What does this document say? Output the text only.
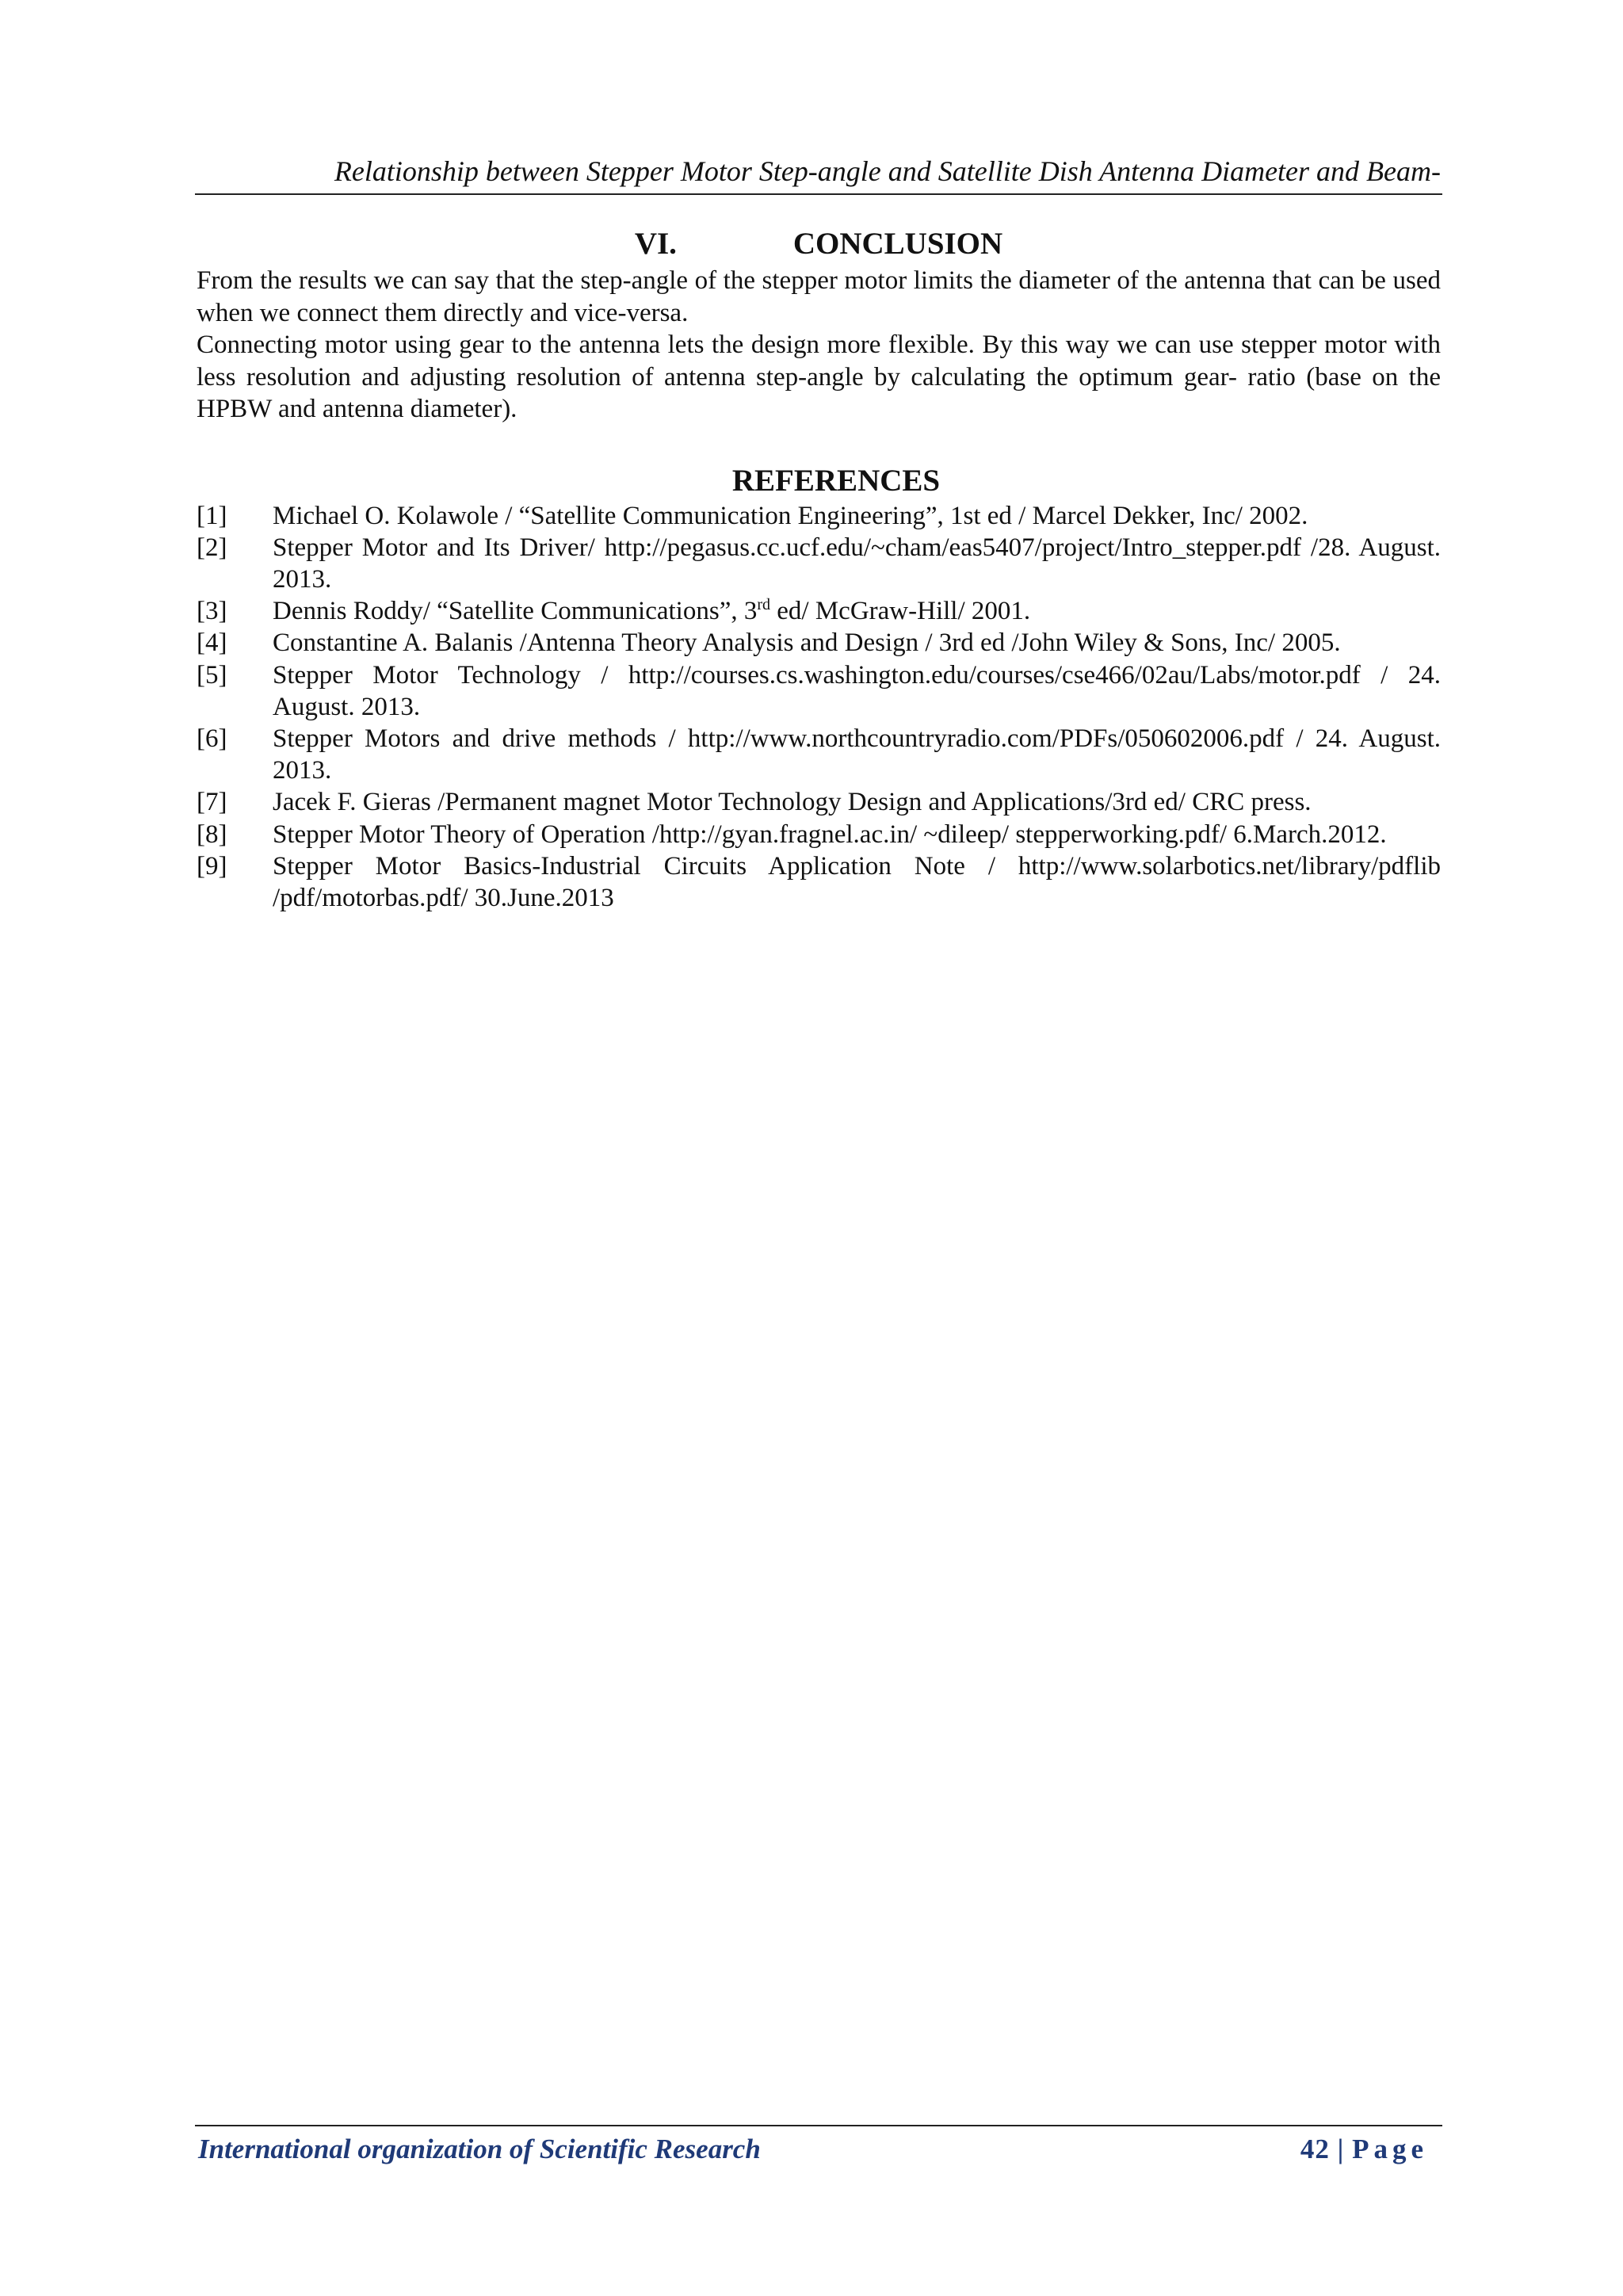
Relationship between Stepper Motor Step-angle and Satellite Dish Antenna Diameter and Beam-
VI.	CONCLUSION

From the results we can say that the step-angle of the stepper motor limits the diameter of the antenna that can be used when we connect them directly and vice-versa.

Connecting motor using gear to the antenna lets the design more flexible. By this way we can use stepper motor with less resolution and adjusting resolution of antenna step-angle by calculating the optimum gear- ratio (base on the HPBW and antenna diameter).

REFERENCES
[1]	Michael O. Kolawole / “Satellite Communication Engineering”, 1st ed / Marcel Dekker, Inc/ 2002.
[2]	Stepper Motor and Its Driver/ http://pegasus.cc.ucf.edu/~cham/eas5407/project/Intro_stepper.pdf /28. August. 2013.
[3]	Dennis Roddy/ “Satellite Communications”, 3rd ed/ McGraw-Hill/ 2001.
[4]	Constantine A. Balanis /Antenna Theory Analysis and Design / 3rd ed /John Wiley & Sons, Inc/ 2005.
[5]	Stepper Motor Technology / http://courses.cs.washington.edu/courses/cse466/02au/Labs/motor.pdf / 24. August. 2013.
[6]	Stepper Motors and drive methods / http://www.northcountryradio.com/PDFs/050602006.pdf / 24. August. 2013.
[7]	Jacek F. Gieras /Permanent magnet Motor Technology Design and Applications/3rd ed/ CRC press.
[8]	Stepper Motor Theory of Operation /http://gyan.fragnel.ac.in/ ~dileep/ stepperworking.pdf/ 6.March.2012.
[9]	Stepper Motor Basics-Industrial Circuits Application Note / http://www.solarbotics.net/library/pdflib /pdf/motorbas.pdf/ 30.June.2013
International organization of Scientific Research	42 | Page
